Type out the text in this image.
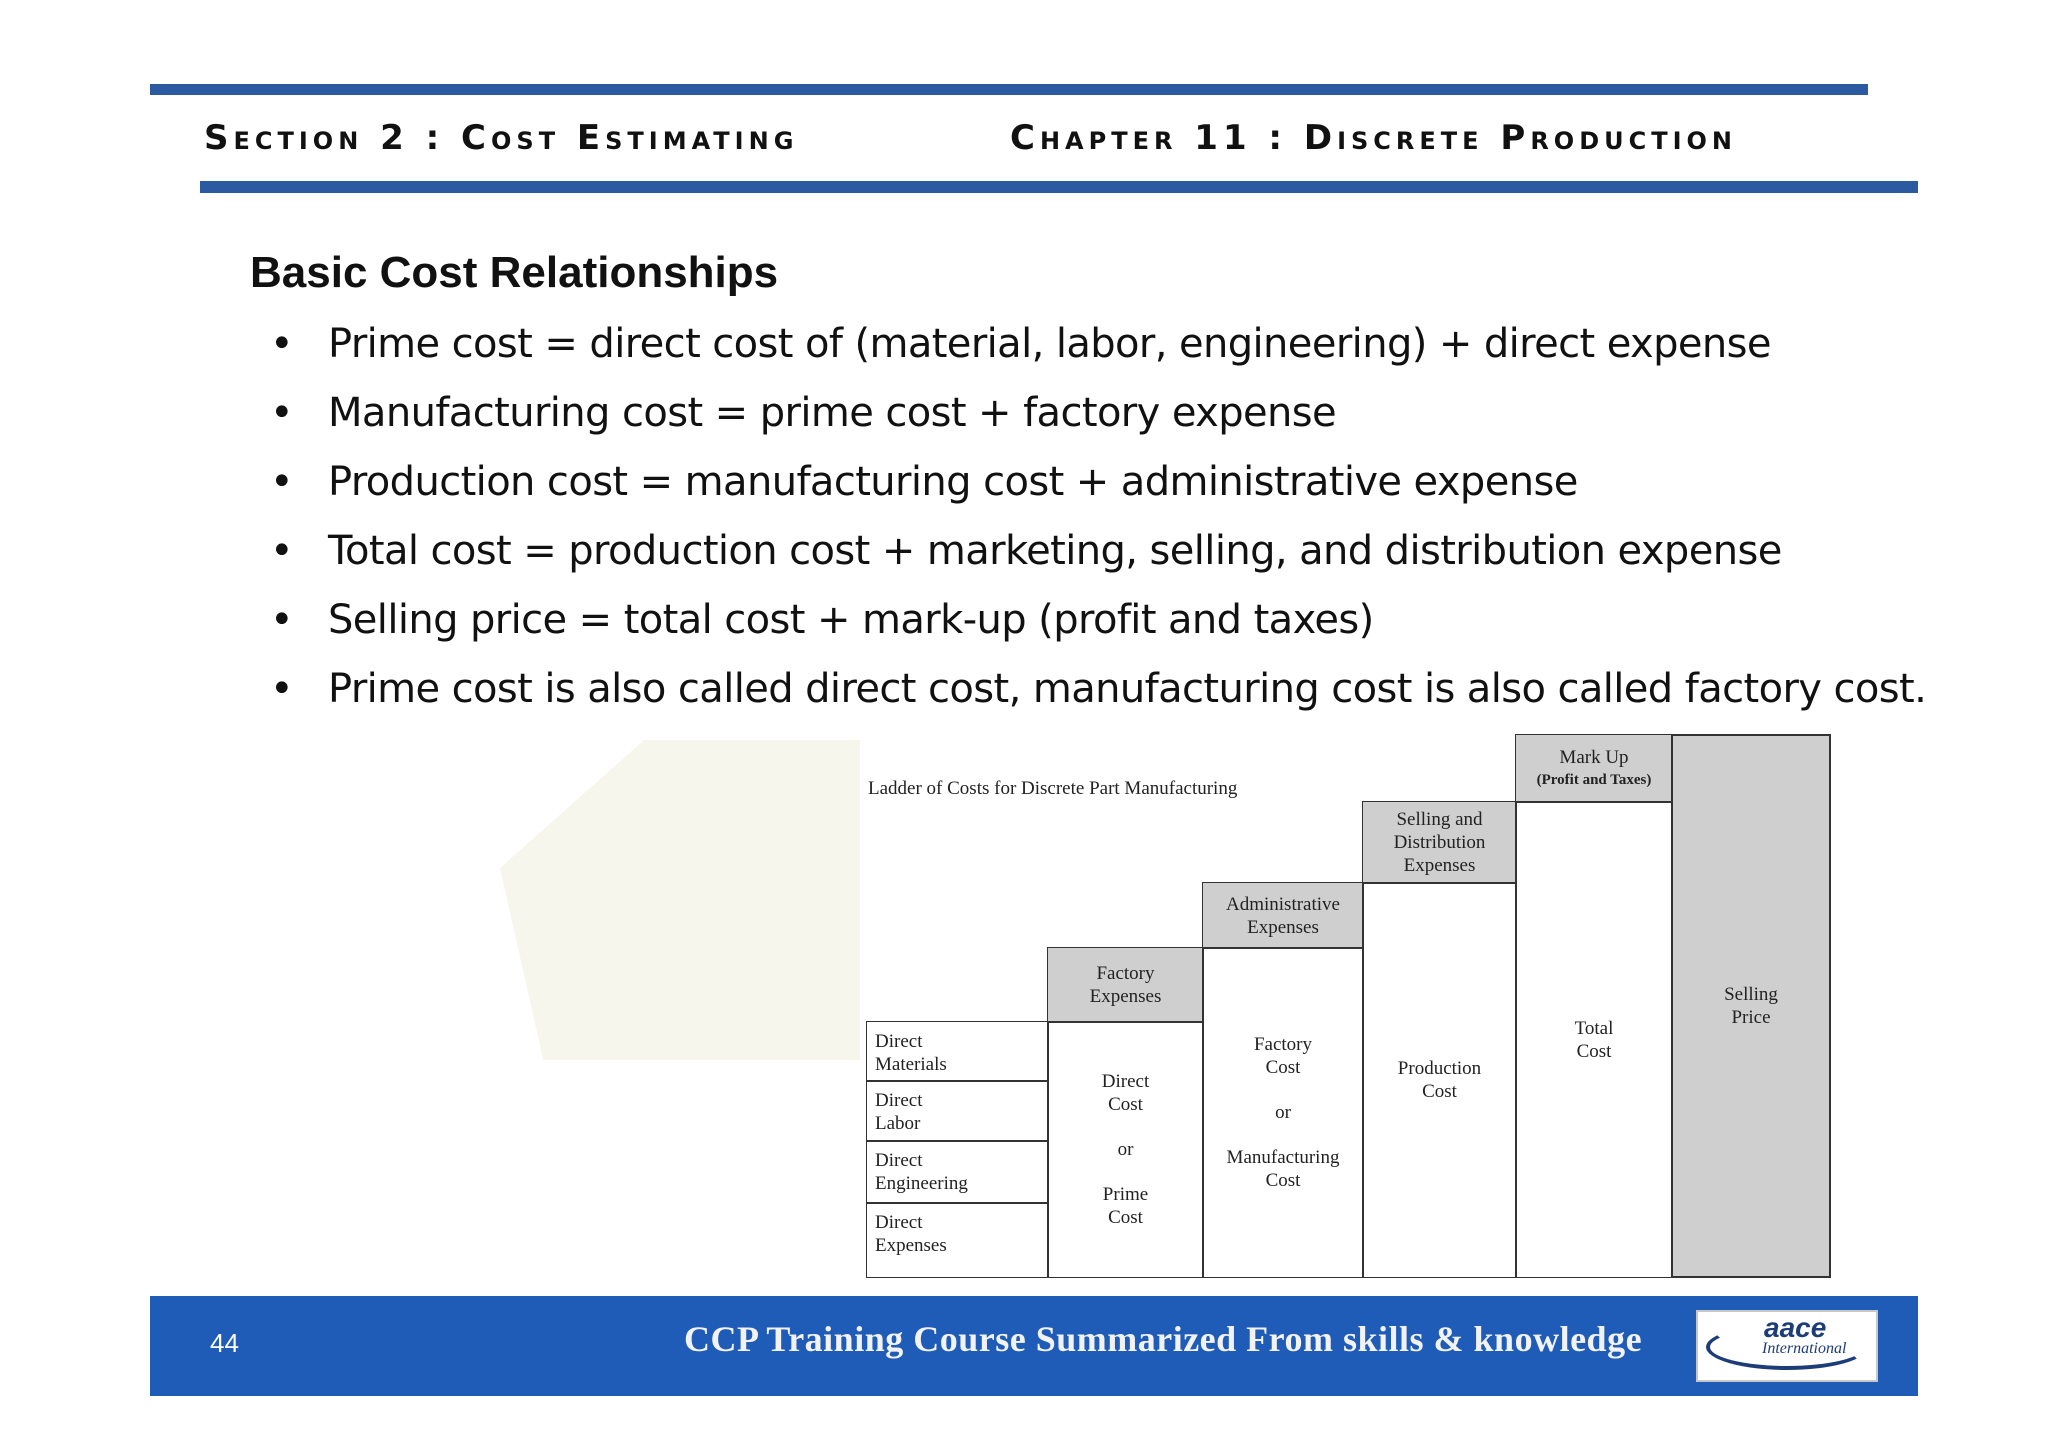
Section 2 : Cost Estimating	Chapter 11 : Discrete Production
Basic Cost Relationships
• Prime cost = direct cost of (material, labor, engineering) + direct expense
• Manufacturing cost = prime cost + factory expense
• Production cost = manufacturing cost + administrative expense
• Total cost = production cost + marketing, selling, and distribution expense
• Selling price = total cost + mark-up (profit and taxes)
• Prime cost is also called direct cost, manufacturing cost is also called factory cost.
Ladder of Costs for Discrete Part Manufacturing
Direct
Materials
Direct
Labor
Direct
Engineering
Direct
Expenses
Factory
Expenses
Direct
Cost
or
Prime
Cost
Administrative
Expenses
Factory
Cost
or
Manufacturing
Cost
Selling and
Distribution
Expenses
Production
Cost
Mark Up
(Profit and Taxes)
Total
Cost
Selling
Price
44	CCP Training Course Summarized From skills & knowledge	aace
International
